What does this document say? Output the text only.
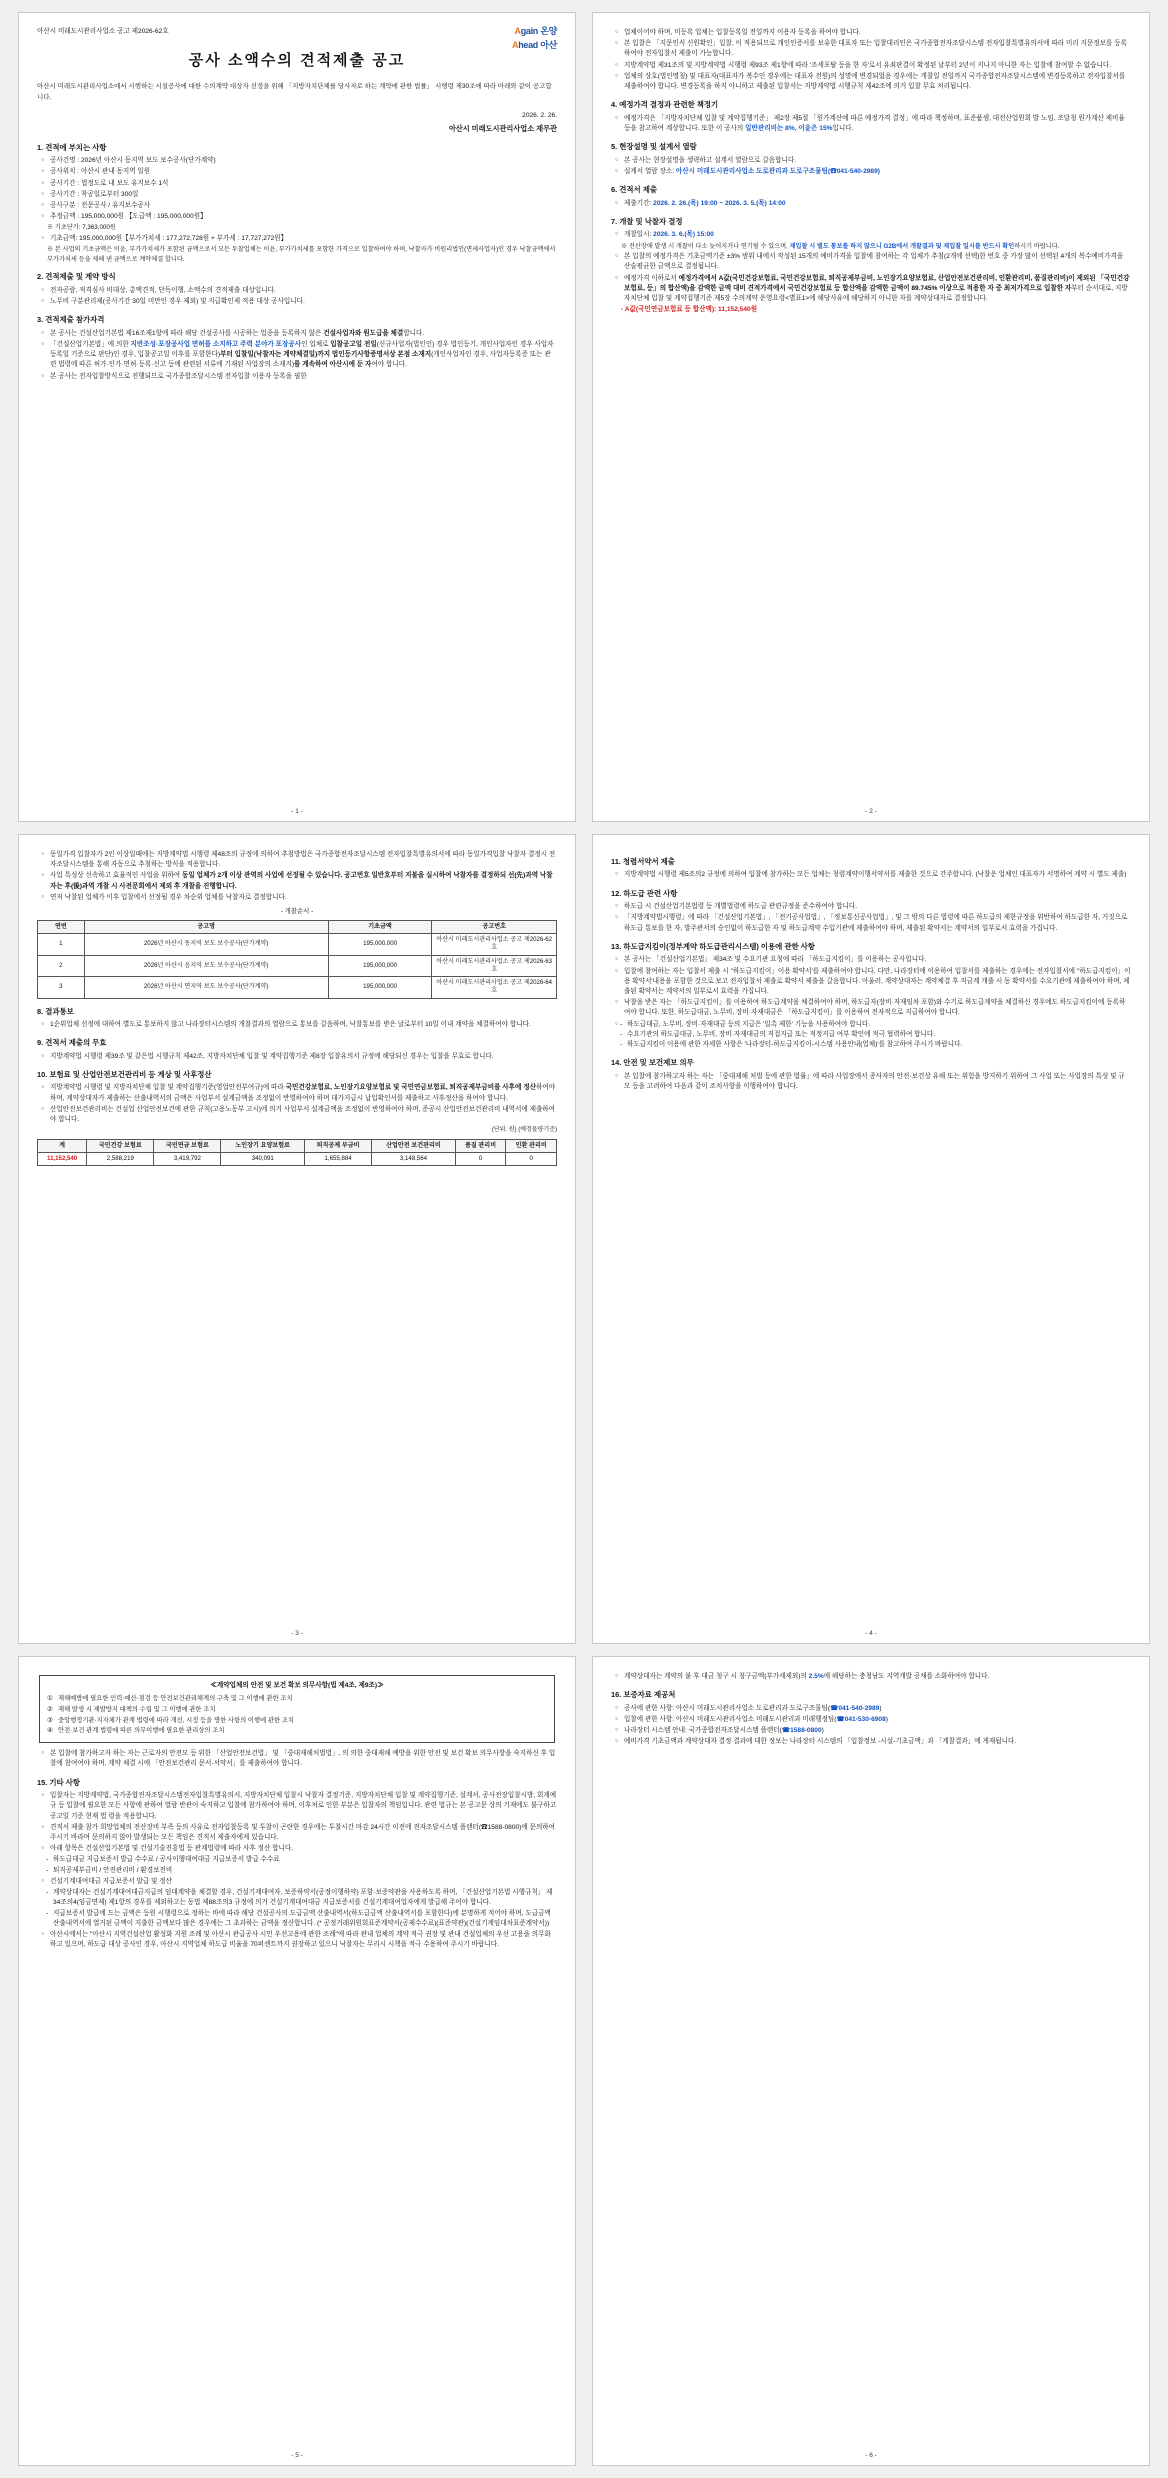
아산시 미래도시관리사업소 공고 제2026-62호	Again 온양
Ahead 아산
공사 소액수의 견적제출 공고
아산시 미래도시관리사업소에서 시행하는 시설공사에 대한 수의계약 대상자 선정을 위해 「지방자치단체를 당사자로 하는 계약에 관한 법률」 시행령 제30조에 따라 아래와 같이 공고합니다.
2026. 2. 26.
아산시 미래도시관리사업소 재무관
1. 견적에 부치는 사항
○ 공사건명 : 2026년 아산시 동지역 보도 보수공사(단가계약)
○ 공사위치 : 아산시 관내 동지역 일원
○ 공사기간 : 법정도로 내 보도 유지보수 1식
○ 공사기간 : 착공일로부터 300일
○ 공사구분 : 전문공사 / 유지보수공사
○ 추정금액 : 195,000,000원 【도급액 : 195,000,000원】
※ 기초단가: 7,363,000원
○ 기초금액: 195,000,000원【부가가치세 : 177,272,728원 + 부가세 : 17,727,272원】
※ 본 사업의 기초금액은 이윤, 부가가치세가 포함된 금액으로서 모든 투찰업체는 이윤, 부가가치세를 포함한 가격으로 입찰하여야 하며, 낙찰자가 비원리법인(면세사업자)인 경우 낙찰금액에서 부가가치세 등을 제해 낸 금액으로 계약체결 합니다.
2. 견적제출 및 계약 방식
○ 전자공람, 적격심사 비대상, 총액견적, 단독이행, 소액수의 견적제출 대상입니다.
○ 노무비 구분관리제(공사기간 30일 미만인 경우 제외) 및 지급확인제 적용 대상 공사입니다.
3. 견적제출 참가자격
○ 본 공사는 건설산업기본법 제16조제1항에 따라 해당 건설공사를 시공하는 업종을 등록하지 않은 건설사업자와 원도급을 체결합니다.
○ 「건설산업기본법」에 의한 지반조성·포장공사업 면허를 소지하고 주력 분야가 포장공사인 업체로 입찰공고일 전일(신규사업자(법인인) 경우 법인등기, 개인사업자인 경우 사업자등록일 기준으로 판단)인 경우, 입찰공고일 이후를 포함한다)부터 입찰일(낙찰자는 계약체결일)까지 법인등기사항증명서상 본점 소재지(개인사업자인 경우, 사업자등록증 또는 관련 법령에 따른 허가·인가·면허·등록·신고 등에 관련된 서류에 기재된 사업장의 소재지)를 계속하여 아산시에 둔 자여야 합니다.
○ 본 공사는 전자입찰방식으로 진행되므로 국가종합조달시스템 전자입찰 이용자 등록을 필한
- 1 -
○ 업체이어야 하며, 미등록 업체는 입찰등록일 전일까지 이용자 등록을 하여야 합니다.
○ 본 입찰은 「지문인식 신원확인」입찰, 이 적용되므로 개인인증서를 보유한 대표자 또는 입찰대리인은 국가종합전자조달시스템 전자입찰특별유의서에 따라 미리 지문정보를 등록하여야 전자입찰서 제출이 가능합니다.
○ 지방계약법 제31조의 및 지방계약법 시행령 제93조 제1항에 따라 '조세포탈 등을 한 자'로서 유죄판결이 확정된 날부터 2년이 지나지 아니한 자는 입찰에 참여할 수 없습니다.
○ 업체의 상호(법인명칭) 및 대표자(대표자가 복수인 경우에는 대표자 전원)의 성명에 변경되었음 경우에는 개찰일 전일까지 국가종합전자조달시스템에 변경등록하고 전자입찰서를 제출하여야 합니다. 변경등록을 하지 아니하고 제출된 입찰서는 지방계약법 시행규칙 제42조에 의거 입찰 무효 처리됩니다.
4. 예정가격 결정과 관련한 책정기
○ 예정가격은 「지방자치단체 입찰 및 계약집행기준」 제2장 제5절 「원가계산에 따른 예정가격 결정」에 따라 책정하며, 표준품셈, 대전산업원회 발 노임, 조달청 원가계산 제비율 등을 참고하여 계상합니다. 또한 이 공사의 일반관리비는 8%, 이윤은 15%입니다.
5. 현장설명 및 설계서 열람
○ 본 공사는 현장설명을 생략하고 설계서 열람으로 갈음합니다.
○ 설계서 열람 장소: 아산시 미래도시관리사업소 도로관리과 도로구조물팀(☎041-540-2989)
6. 견적서 제출
○ 제출기간: 2026. 2. 26.(목) 19:00 ~ 2026. 3. 5.(목) 14:00
7. 개찰 및 낙찰자 결정
○ 개찰일시: 2026. 3. 6.(목) 15:00
※ 전산장애 발생 시 개찰이 다소 늦어지거나 연기될 수 있으며, 재입찰 시 별도 통보를 하지 않으니 G2B에서 개찰결과 및 재입찰 일시를 반드시 확인하시기 바랍니다.
○ 본 입찰의 예정가격은 기초금액기준 ±3% 범위 내에서 작성된 15개의 예비가격을 입찰에 참여하는 각 업체가 추첨(2개에 선택)한 번호 중 가장 많이 선택된 4개의 복수예비가격을 산술평균한 금액으로 결정됩니다.
○ 예정가격 이하로서 예정가격에서 A값(국민건강보험료, 국민건강보험료, 퇴직공제부금비, 노인장기요양보험료, 산업안전보건관리비, 인환관리비, 품질관리비)이 제외된 「국민건강보험료, 등」의 합산액)을 감액한 금액 대비 견적가격에서 국민건강보험료 등 합산액을 감액한 금액이 89.745% 이상으로 적용한 자 중 최저가격으로 입찰한 자부터 순서대로, 지방자치단체 입찰 및 계약집행기준 제5장 수의계약 운영요령<별표1>에 해당사유에 해당하지 아니한 자를 계약상대자로 결정합니다.
- A값(국민연금보험료 등 합산액): 11,152,540원
- 2 -
○ 동일가격 입찰자가 2인 이상일때에는 지방계약법 시행령 제48조의 규정에 의하여 추첨방법은 국가종합전자조달시스템 전자입찰특별유의서에 따라 동일가격입찰 낙찰자 결정시 전자조달시스템을 통해 자동으로 추첨하는 방식을 적용합니다.
○ 사업 특성상 신속하고 효율적인 사업을 위하여 동일 업체가 2개 이상 관역의 사업에 선정될 수 있습니다. 공고번호 일반호부터 지불을 실시하여 낙찰자를 결정하되 선(先)과역 낙찰자는 후(後)과역 개찰 시 사전문회에서 제외 후 개찰을 진행합니다.
○ 연저 낙찰된 업체가 이후 입찰에서 선정될 경우 차순위 업체를 낙찰자로 결정합니다.
- 개찰순서 -
연번	공고명	기초금액	공고번호
1	2026년 아산시 동지역 보도 보수공사(단가계약)	195,000,000	아산시 미래도시관리사업소 공고 제2026-62호
2	2026년 아산시 음지역 보도 보수공사(단가계약)	195,000,000	아산시 미래도시관리사업소 공고 제2026-63호
3	2026년 아산시 면지역 보도 보수공사(단가계약)	195,000,000	아산시 미래도시관리사업소 공고 제2026-64호
8. 결과통보
○ 1순위업체 선정에 대하여 별도로 통보하지 않고 나라장터시스템의 개찰결과의 열람으로 통보를 갈음하며, 낙찰통보를 받은 날로부터 10일 이내 계약을 체결하여야 합니다.
9. 견적서 제출의 무효
○ 지방계약법 시행령 제39조 및 같은법 시행규칙 제42조, 지방자치단체 입찰 및 계약집행기준 제8장 입찰유의서 규정에 해당되신 경우는 입찰을 무효로 합니다.
10. 보험료 및 산업안전보건관리비 등 계상 및 사후정산
○ 지방계약법 시행령 및 지방자치단체 입찰 및 계약집행기준(영업안전부여규)에 따라 국민건강보험료, 노인장기요양보험료 및 국민연금보험료, 퇴직공제부금비를 사후에 정산하여야 하며, 계약상대자가 제출하는 산출내역서의 금액은 사업부서 설계금액을 조정없이 반영하여야 하며 대가지급시 납입확인서를 제출하고 사후정산을 하여야 합니다.
○ 산업안전보건관리비는 건설업 산업안전보건에 관한 규칙(고용노동부 고시)에 의거 사업부서 설계금액을 조정없이 반영하여야 하며, 준공시 산업안전보건관리비 내역서에 제출하여야 합니다.
(단위: 원) (예정물량기준)
계	국민건강 보험료	국민연금 보험료	노인장기 요양보험료	퇴직공제 부금비	산업안전 보건관리비	품질 관리비	인환 관리비
11,152,540	2,588,219	3,419,792	340,091	1,655,884	3,148,564	0	0
- 3 -
11. 청렴서약서 제출
○ 지방계약법 시행령 제5조의2 규정에 의하여 입찰에 참가하는 모든 업체는 청렴계약이행서약서를 제출한 것으로 간주합니다. (낙찰운 업체인 대표자가 서명하여 계약 시 별도 제출)
12. 하도급 관련 사항
○ 하도급 시 건설산업기본법령 등 개별법령에 하도급 관련규정을 준수하여야 합니다.
○ 「지방계약법시행령」에 따라 「건설산업기본법」, 「전기공사업법」, 「정보통신공사업법」, 및 그 밖의 다른 법령에 따른 하도급의 제한규정을 위반하여 하도급한 자, 거짓으로 하도급 통보를 한 자, 발주관서의 승인없이 하도급한 자 및 하도급계약 수입기관에 제출하여야 하며, 제출된 확약서는 계약서의 일부로서 효력을 가집니다.
13. 하도급지킴이(정부계약 하도급관리시스템) 이용에 관한 사항
○ 본 공사는 「건설산업기본법」 제34조 및 수요기관 요청에 따라 「하도급지킴이」를 이용하는 공사입니다.
○ 입찰에 참여하는 자는 입찰서 제출 시 ''하도급지킴이」이용 확약서'를 제출하여야 합니다. 다만, 나라장터에 이용하여 입찰서를 제출하는 경우에는 전자입찰서에 ''하도급지킴이」이용 확약서'내용을 포함한 것으로 보고 전자입찰서 제출로 확약서 제출을 갈음합니다. 아울러, 계약상대자는 계약체결 후 직금계 개출 시 동 확약서를 수요기관에 제출하여야 하며, 제출된 확약서는 계약서의 일부로서 효력을 가집니다.
○ 낙찰을 받은 자는 「하도급지킴이」를 이용하여 하도급계약을 체결하여야 하며, 하도급자(장비·자재임차 포함)와 수기로 하도급계약을 체결하신 경우에도 하도급지킴이에 등록하여야 합니다. 또한, 하도급대금, 노무비, 장비·자재대금은 「하도급지킴이」를 이용하여 전자적으로 지급하여야 합니다.
- 하도급대금, 노무비, 장비·자재대금 등의 지급은 '일촉 제한' 기능을 사용하여야 합니다.
- 수요기관의 하도급대금, 노무비, 장비·자재대금의 직접지급 또는 적정지급 여부 확인에 적극 협력하여 합니다.
- 하도급지킴이 이용에 관한 자세한 사항은 '나라장터-하도급지킴이-시스템 사용안내(업체)'를 참고하여 주시기 바랍니다.
14. 안전 및 보건제보 의무
○ 본 입찰에 참가하고자 하는 자는 「중대재해 처벌 등에 관한 법률」에 따라 사업장에서 종사자의 안전·보건상 유해 또는 위험을 방지하기 위하여 그 사업 또는 사업장의 특성 및 규모 등을 고려하여 다음과 같이 조치사항을 이행하여야 합니다.
- 4 -
≪계약업체의 안전 및 보건 확보 의무사항(법 제4조, 제9조)≫
① 재해예방에 필요한 인력·예산·점검 등 안전보건관리체계의 구축 및 그 이행에 관한 조치
② 재해 발생 시 재발방지 대책의 수립 및 그 이행에 관한 조치
③ 중앙행정기관·지자체가 관계 법령에 따라 개선, 시정 등을 명한 사항의 이행에 관한 조치
④ 안전·보건 관계 법령에 따른 의무이행에 필요한 관리상의 조치
○ 본 입찰에 참가하고자 하는 자는 근로자의 안전모 등 위한 「산업안전보건법」 및 「중대재해처벌법」, 의 의한 중대재해 예방을 위한 안전 및 보건 확보 의무사항을 숙지하신 후 입찰에 참여여야 하며, 계약 체결 시에 「안전보건관리 문서·서약서」를 제출하여야 합니다.
15. 기타 사항
○ 입찰자는 지방계약법, 국가종합전자조달시스템전자입찰특별유의서, 지방자치단체 입찰시 낙찰자 결정기준, 지방자치단체 입찰 및 계약집행기준, 설계서, 공사전장입찰시방, 회계예규 등 입찰에 필요한 모든 사항에 관하여 열람 반관이 숙지하고 입찰에 참가하여야 하며, 이후처로 인한 부분은 입찰자의 책임입니다. 관련 법규는 본 공고문 상의 기재에도 불구하고 공고일 기준 현재 법 령을 적용합니다.
○ 견적서 제출 참가 희망업체의 전산장비 부족 등의 사유로 전자입찰등록 및 투찰이 곤란한 경우에는 투찰시간 마감 24시간 이전에 전자조달시스템 플랜터(☎1588-0800)에 문의하여 주시기 바라며 문의하지 않아 발생되는 모든 책임은 견적서 제출자에게 있습니다.
○ 아래 항목은 건설산업기본법 및 건설기술진흥법 등 관계법령에 따라 사후 정산 합니다.
- 하도급대금 지급보증서 발급 수수료 / 공사이행대여대금 지급보증서 발급 수수료
- 퇴직공제부금비 / 안전관리비 / 환경보전비
○ 건설기계대여대금 지급보증서 발급 및 정산
- 계약상대자는 건설기계대여대금지급의 임대계약을 체결할 경우, 건설기계대여자, 보증하약서(공정이행하약) 포함·보증약관을 사용하도록 하며, 「건설산업기본법 시행규칙」 제34조의4(임금면제) 제1항의 경우를 제외하고는 동법 제88조의3 규정에 의거 건설기계대여대금 지급보증서를 건설기계대여업자에게 발급해 주어야 합니다.
- 지급보증서 발급에 드는 금액은 등원 시행령으로 정하는 바에 따라 해당 건설공사의 도급금액 산출내역서(하도급금액 산출내역서를 포함한다)에 분명하게 적어야 하며, 도급금액 산출내역서에 열거된 금액이 지출한 금액보다 많은 경우에는 그 초과하는 금액을 정산합니다. (* 공정거래위원회표준계약서(공제수수료)(표준약관)(건설기계임대차표준계약서))
○ 아산시에서는 "아산시 지역건설산업 활성화 지원 조례 및 아산시 관급공사 시민 우선고용에 관한 조례"에 따라 관내 업체의 계약 적극 권장 및 관내 건설업체의 우선 고용을 의무화하고 있으며, 하도급 대상 공사인 경우, 아산시 지역업체 하도급 비율을 70퍼센트까지 권장하고 있으니 낙찰자는 무리시 시책을 적극 수용하여 주시기 바랍니다.
- 5 -
○ 계약상대자는 계약의 붙 후 대금 청구 시 청구금액(부가세제외)의 2.5%에 해당하는 충청남도 지역개발 공채를 소화하여야 합니다.
16. 보증자료 제공처
○ 공사에 관한 사항: 아산시 미래도시관리사업소 도로관리과 도로구조물팀(☎041-540-2989)
○ 입찰에 관한 사항: 아산시 미래도시관리사업소 미래도시관리과 미래행정팀(☎041-530-6908)
○ 나라장터 시스템 안내: 국가종합전자조달시스템 플랜터(☎1588-0800)
○ 예비가격 기초금액과 계약상대자 결정 결과에 대한 정보는 나라장터 시스템의 「입찰정보 -시설-기초금액」과 「계찰결과」에 게재됩니다.
- 6 -
